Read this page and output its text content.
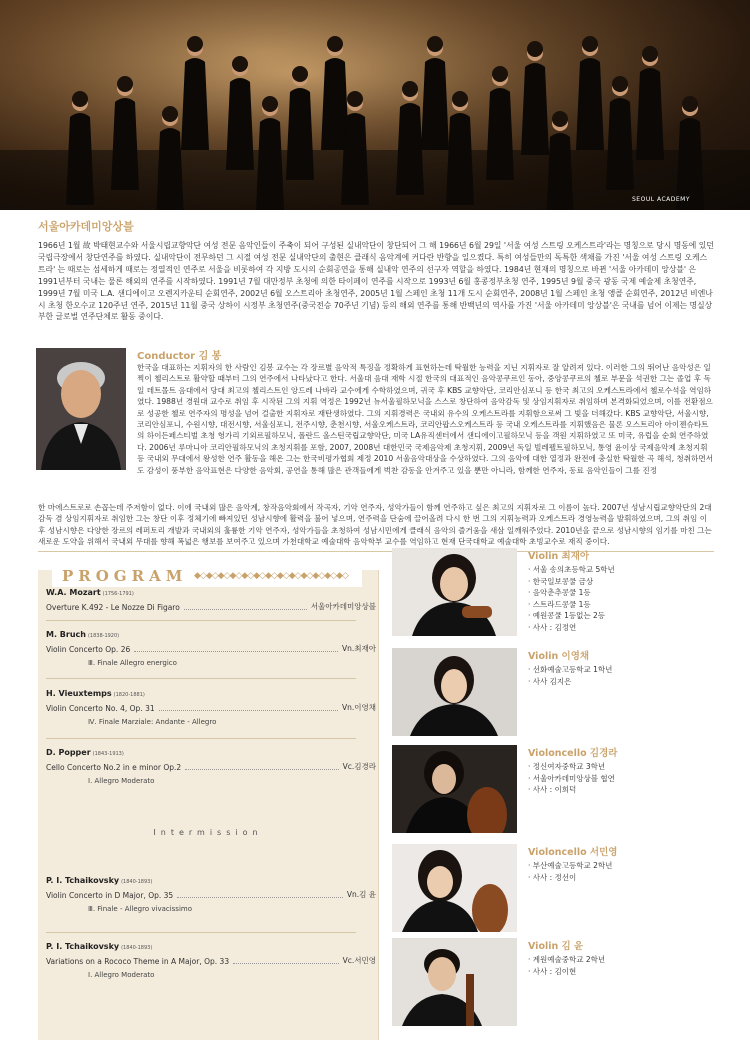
SEOUL ACADEMY
서울아카데미앙상블
1966년 1월 故 박태현교수와 서울시립교향악단 여성 전문 음악인들이 주축이 되어 구성된 실내악단이 창단되어 그 해 1966년 6월 29일 '서울 여성 스트링 오케스트라'라는 명칭으로 당시 명동에 있던 국립극장에서 창단연주를 하였다. 실내악단이 전무하던 그 시절 여성 전문 실내악단의 출현은 클래식 음악계에 커다란 반향을 일으켰다. 특히 여성들만의 독특한 색채를 가진 '서울 여성 스트링 오케스트라' 는 때로는 섬세하게 때로는 정열적인 연주로 서울을 비롯하여 각 지방 도시의 순회공연을 통해 실내악 연주의 선구자 역할을 하였다. 1984년 현재의 명칭으로 바뀐 '서울 아카데미 앙상블' 은 1991년부터 국내는 물론 해외의 연주를 시작하였다. 1991년 7월 대만정부 초청에 의한 타이페이 연주를 시작으로 1993년 6월 홍콩정부초청 연주, 1995년 9월 중국 광동 국제 예술제 초청연주, 1999년 7월 미국 L.A. 샌디에이고 오렌지카운티 순회연주, 2002년 6월 오스트리아 초청연주, 2005년 1월 스페인 초청 11개 도시 순회연주, 2008년 1월 스페인 초청 앵콜 순회연주, 2012년 비엔나시 초청 한오수교 120주년 연주, 2015년 11월 중국 상하이 시정부 초청연주(중국전승 70주년 기념) 등의 해외 연주를 통해 반백년의 역사를 가진 '서울 아카데미 앙상블'은 국내를 넘어 이제는 명실상부한 글로벌 연주단체로 활동 중이다.
Conductor 김 봉
한국을 대표하는 지휘자의 한 사람인 김봉 교수는 각 장르별 음악적 특징을 정확하게 표현하는데 탁월한 능력을 지닌 지휘자로 잘 알려져 있다. 이러한 그의 뛰어난 음악성은 일찍이 첼리스트로 활약할 때부터 그의 연주에서 나타났다고 한다. 서울대 음대 재학 시절 한국의 대표적인 음악콩쿠르인 동아, 중앙콩쿠르의 첼로 부문을 석권한 그는 졸업 후 독일 데트몰트 음대에서 당대 최고의 첼리스트인 앙드레 나바라 교수에게 수학하였으며, 귀국 후 KBS 교향악단, 코리안심포니 등 한국 최고의 오케스트라에서 첼로수석을 역임하였다. 1988년 경원대 교수로 취임 후 시작된 그의 지휘 역정은 1992년 뉴서울필하모닉을 스스로 창단하여 음악감독 및 상임지휘자로 취임하며 본격화되었으며, 이를 전환점으로 성공한 첼로 연주자의 명성을 넘어 걸출한 지휘자로 재탄생하였다. 그의 지휘경력은 국내외 유수의 오케스트라를 지휘함으로써 그 빛을 더해갔다. KBS 교향악단, 서울시향, 코리안심포니, 수원시향, 대전시향, 서울심포니, 전주시향, 춘천시향, 서울오케스트라, 코리안팝스오케스트라 등 국내 오케스트라를 지휘했음은 물론 오스트리아 아이젠슈타트의 하이든페스티벌 초청 헝가리 기외르필하모닉, 폴란드 올스틴국립교향악단, 미국 LA유직센터에서 샌디에이고필하모닉 등을 객원 지휘하였고 또 미국, 유럽을 순회 연주하였다. 2006년 루마니아 코리안필하모닉의 초청지휘를 포함, 2007, 2008년 대한민국 국제음악제 초청지휘, 2009년 독일 빌레펠트필하모닉, 통영 윤이상 국제음악제 초청지휘 등 국내외 무대에서 왕성한 연주 활동을 해온 그는 한국비평가협회 제정 2010 서울음악대상을 수상하였다. 그의 음악에 대한 열정과 완전에 충실한 탁월한 곡 해석, 청취하면서도 감성이 풍부한 음악표현은 다양한 음악회, 공연을 통해 많은 관객들에게 벅찬 감동을 안겨주고 있을 뿐만 아니라, 함께한 연주자, 동료 음악인들이 그를 진정
한 마에스트로로 손꼽는데 주저함이 없다. 이에 국내외 많은 음악계, 창작음악회에서 작곡자, 기악 연주자, 성악가들이 함께 연주하고 싶은 최고의 지휘자로 그 이름이 높다. 2007년 성남시립교향악단의 2대 감독 겸 상임지휘자로 취임한 그는 창단 이후 정체기에 빠져있던 성남시향에 활력을 불어 넣으며, 연주력을 단숨에 끌어올려 다시 한 번 그의 지휘능력과 오케스트라 경영능력을 발휘하였으며, 그의 취임 이후 성남시향은 다양한 장르의 레퍼토리 개발과 국내외의 훌륭한 기악 연주자, 성악가들을 초청하여 성남시민에게 클래식 음악의 즐거움을 새삼 일깨워주었다. 2010년을 끝으로 성남시향의 임기를 마친 그는 새로운 도약을 위해서 국내외 무대를 향해 폭넓은 행보를 보여주고 있으며 가천대학교 예술대학 음악학부 교수를 역임하고 현재 단국대학교 예술대학 초빙교수로 재직 중이다.
PROGRAM ◆◇◆◇◆◇◆◇◆◇◆◇◆◇◆◇◆◇◆◇◆◇◆◇◆◇
W.A. Mozart (1756-1791)
Overture K.492 - Le Nozze Di Figaro	서울아카데미앙상블
M. Bruch (1838-1920)
Violin Concerto Op. 26	Vn.최재아
Ⅲ. Finale Allegro energico
H. Vieuxtemps (1820-1881)
Violin Concerto No. 4, Op. 31	Vn.이영채
Ⅳ. Finale Marziale: Andante - Allegro
D. Popper (1843-1913)
Cello Concerto No.2 in e minor Op.2	Vc.김경라
Ⅰ. Allegro Moderato
Intermission
P. I. Tchaikovsky (1840-1893)
Violin Concerto in D Major, Op. 35	Vn.김 윤
Ⅲ. Finale - Allegro vivacissimo
P. I. Tchaikovsky (1840-1893)
Variations on a Rococo Theme in A Major, Op. 33	Vc.서민영
Ⅰ. Allegro Moderato
Violin 최재아
· 서울 송의초등학교 5학년
· 한국일보콩쿨 금상
· 음악춘추콩쿨 1등
· 스트라드콩쿨 1등
· 예원콩쿨 1등없는 2등
· 사사 : 김정연
Violin 이영채
· 선화예술고등학교 1학년
· 사사 김지은
Violoncello 김경라
· 정신여자중학교 3학년
· 서울아카데미앙상블 협연
· 사사 : 이희덕
Violoncello 서민영
· 부산예술고등학교 2학년
· 사사 : 정선이
Violin 김 윤
· 계원예술중학교 2학년
· 사사 : 김이현
